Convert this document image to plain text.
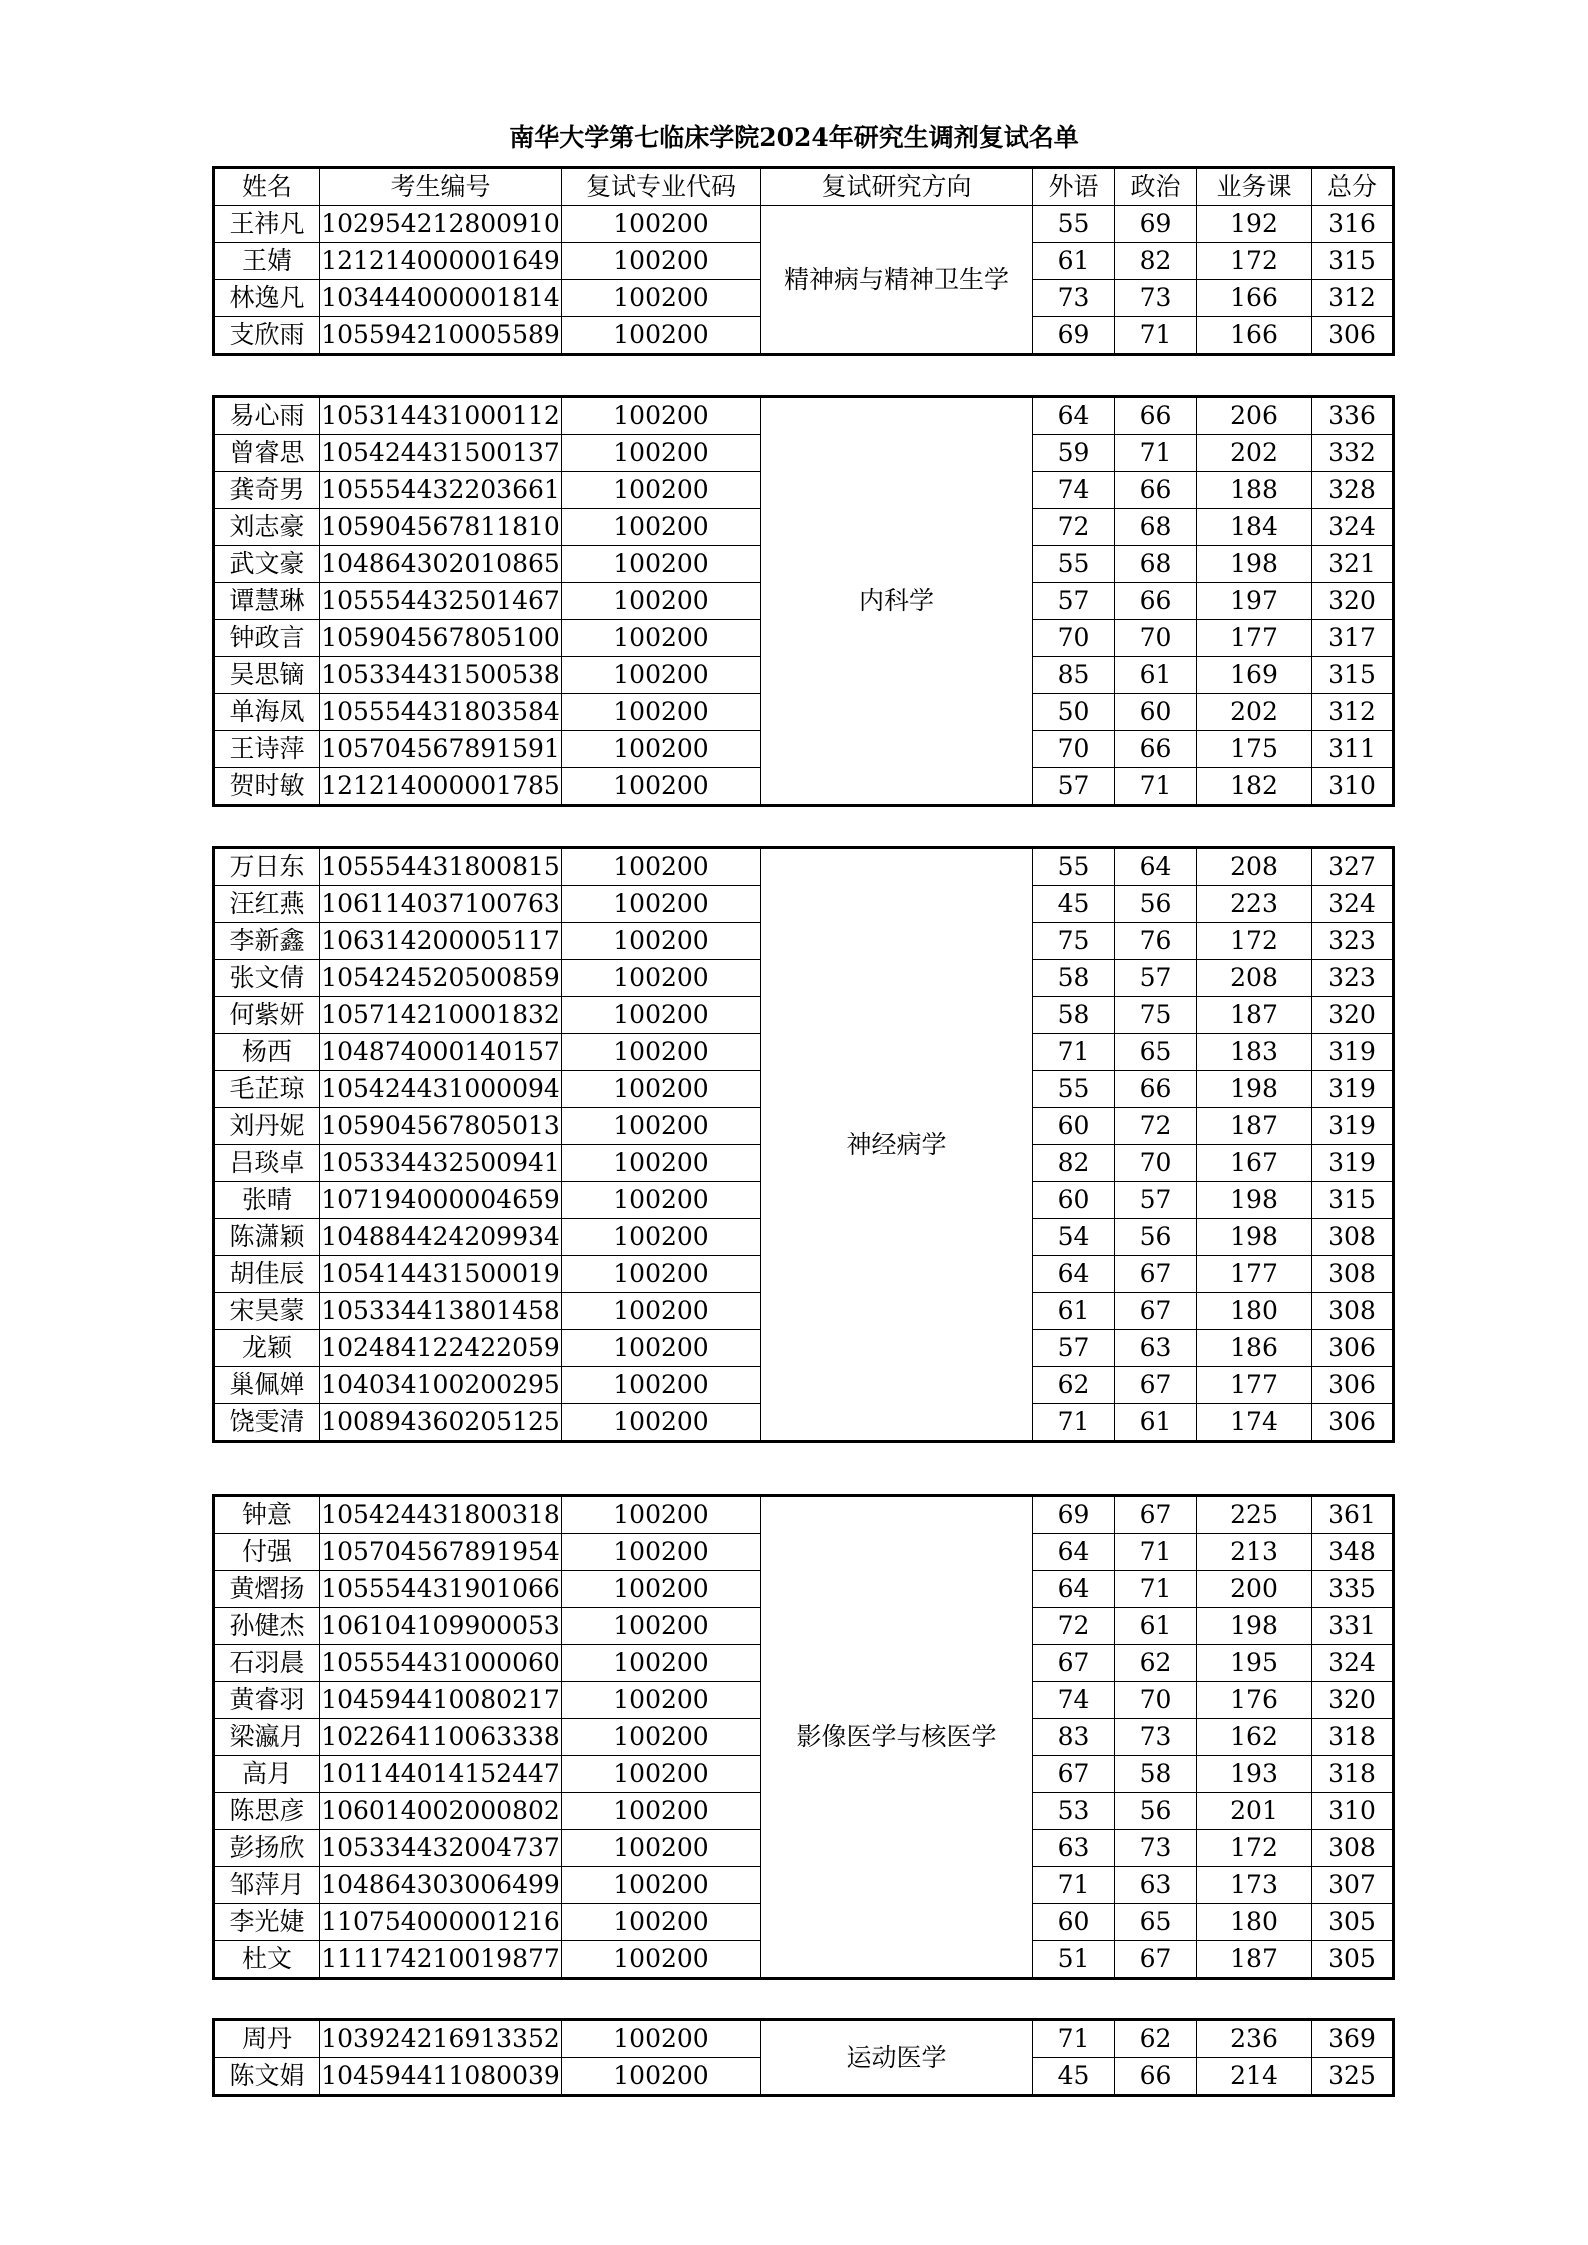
南华大学第七临床学院2024年研究生调剂复试名单
姓名	考生编号	复试专业代码	复试研究方向	外语	政治	业务课	总分
王祎凡	102954212800910	100200	精神病与精神卫生学	55	69	192	316
王婧	121214000001649	100200		61	82	172	315
林逸凡	103444000001814	100200		73	73	166	312
支欣雨	105594210005589	100200		69	71	166	306
易心雨	105314431000112	100200	内科学	64	66	206	336
曾睿思	105424431500137	100200		59	71	202	332
龚奇男	105554432203661	100200		74	66	188	328
刘志豪	105904567811810	100200		72	68	184	324
武文豪	104864302010865	100200		55	68	198	321
谭慧琳	105554432501467	100200		57	66	197	320
钟政言	105904567805100	100200		70	70	177	317
吴思镝	105334431500538	100200		85	61	169	315
单海凤	105554431803584	100200		50	60	202	312
王诗萍	105704567891591	100200		70	66	175	311
贺时敏	121214000001785	100200		57	71	182	310
万日东	105554431800815	100200	神经病学	55	64	208	327
汪红燕	106114037100763	100200		45	56	223	324
李新鑫	106314200005117	100200		75	76	172	323
张文倩	105424520500859	100200		58	57	208	323
何紫妍	105714210001832	100200		58	75	187	320
杨西	104874000140157	100200		71	65	183	319
毛芷琼	105424431000094	100200		55	66	198	319
刘丹妮	105904567805013	100200		60	72	187	319
吕琰卓	105334432500941	100200		82	70	167	319
张晴	107194000004659	100200		60	57	198	315
陈潇颖	104884424209934	100200		54	56	198	308
胡佳辰	105414431500019	100200		64	67	177	308
宋昊蒙	105334413801458	100200		61	67	180	308
龙颖	102484122422059	100200		57	63	186	306
巢佩婵	104034100200295	100200		62	67	177	306
饶雯清	100894360205125	100200		71	61	174	306
钟意	105424431800318	100200	影像医学与核医学	69	67	225	361
付强	105704567891954	100200		64	71	213	348
黄熠扬	105554431901066	100200		64	71	200	335
孙健杰	106104109900053	100200		72	61	198	331
石羽晨	105554431000060	100200		67	62	195	324
黄睿羽	104594410080217	100200		74	70	176	320
梁瀛月	102264110063338	100200		83	73	162	318
高月	101144014152447	100200		67	58	193	318
陈思彦	106014002000802	100200		53	56	201	310
彭扬欣	105334432004737	100200		63	73	172	308
邹萍月	104864303006499	100200		71	63	173	307
李光婕	110754000001216	100200		60	65	180	305
杜文	111174210019877	100200		51	67	187	305
周丹	103924216913352	100200	运动医学	71	62	236	369
陈文娟	104594411080039	100200		45	66	214	325
